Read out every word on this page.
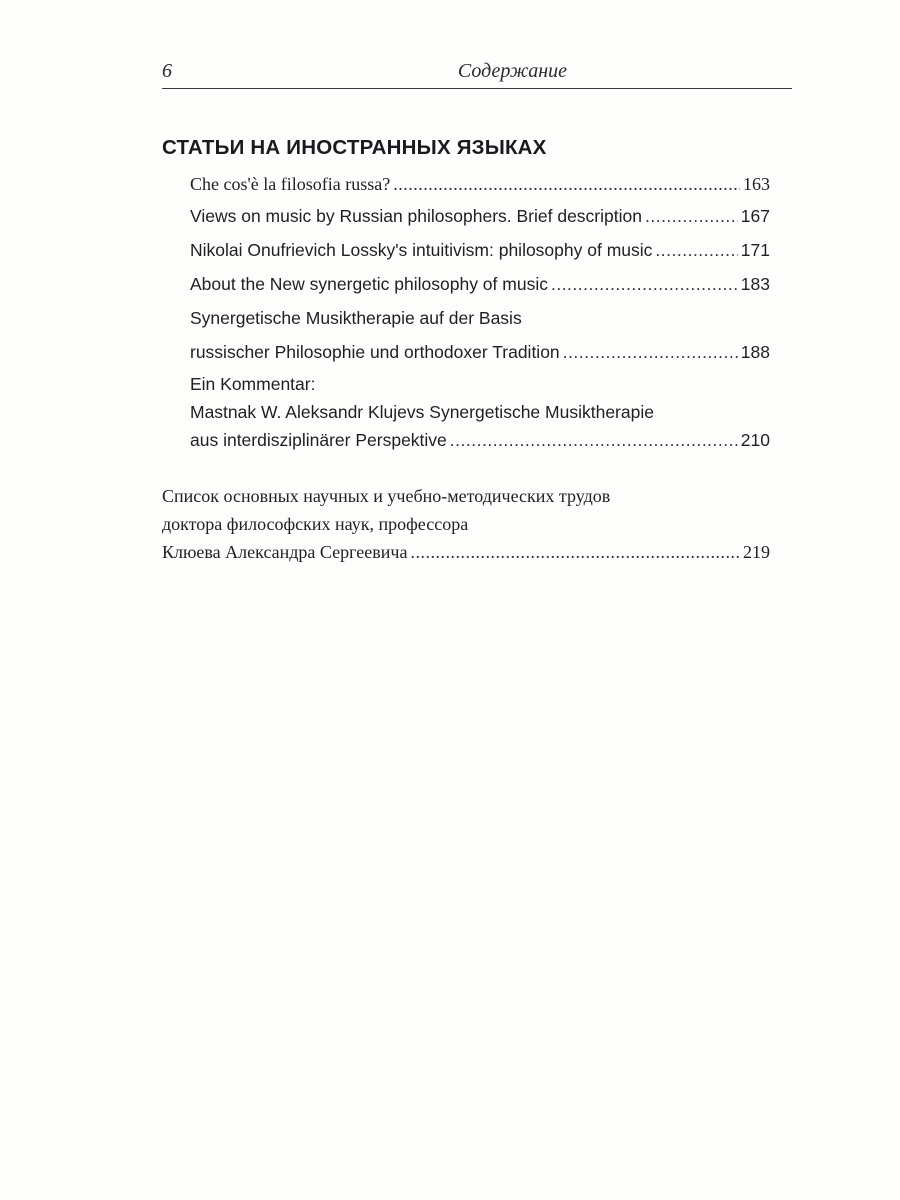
6	Содержание
СТАТЬИ НА ИНОСТРАННЫХ ЯЗЫКАХ
Che cos'è la filosofia russa? .....	163
Views on music by Russian philosophers. Brief description .....	167
Nikolai Onufrievich Lossky's intuitivism: philosophy of music .....	171
About the New synergetic philosophy of music .....	183
Synergetische Musiktherapie auf der Basis
russischer Philosophie und orthodoxer Tradition .....	188
Ein Kommentar:
Mastnak W. Aleksandr Klujevs Synergetische Musiktherapie
aus interdisziplinärer Perspektive .....	210
Список основных научных и учебно-методических трудов
доктора философских наук, профессора
Клюева Александра Сергеевича .....	219
